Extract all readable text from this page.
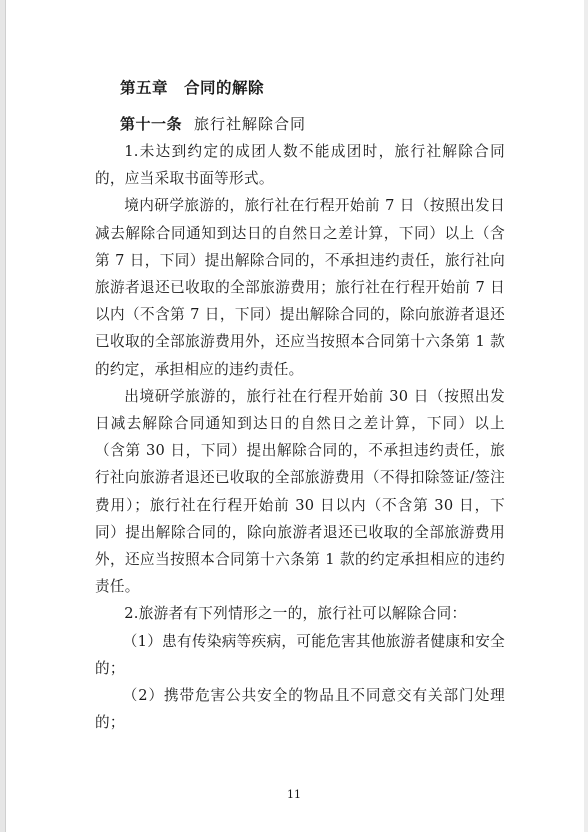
第五章　合同的解除
第十一条 旅行社解除合同

1.未达到约定的成团人数不能成团时，旅行社解除合同的，应当采取书面等形式。

境内研学旅游的，旅行社在行程开始前 7 日（按照出发日减去解除合同通知到达日的自然日之差计算，下同）以上（含第 7 日，下同）提出解除合同的，不承担违约责任，旅行社向旅游者退还已收取的全部旅游费用；旅行社在行程开始前 7 日以内（不含第 7 日，下同）提出解除合同的，除向旅游者退还已收取的全部旅游费用外，还应当按照本合同第十六条第 1 款的约定，承担相应的违约责任。

出境研学旅游的，旅行社在行程开始前 30 日（按照出发日减去解除合同通知到达日的自然日之差计算，下同）以上（含第 30 日，下同）提出解除合同的，不承担违约责任，旅行社向旅游者退还已收取的全部旅游费用（不得扣除签证/签注费用）；旅行社在行程开始前 30 日以内（不含第 30 日，下同）提出解除合同的，除向旅游者退还已收取的全部旅游费用外，还应当按照本合同第十六条第 1 款的约定承担相应的违约责任。

2.旅游者有下列情形之一的，旅行社可以解除合同：

（1）患有传染病等疾病，可能危害其他旅游者健康和安全的；

（2）携带危害公共安全的物品且不同意交有关部门处理的；

11
